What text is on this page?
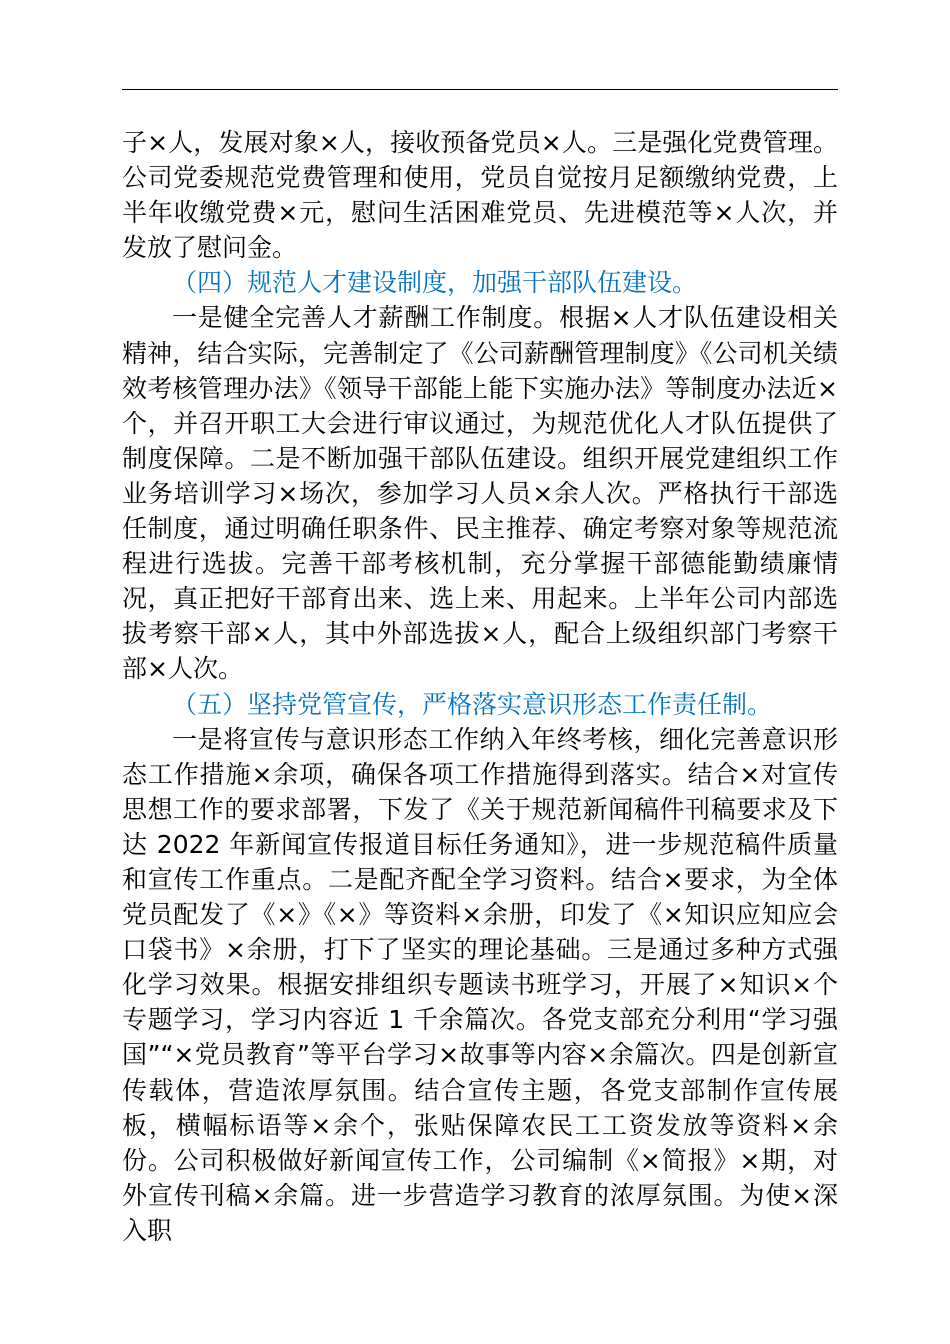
子×人，发展对象×人，接收预备党员×人。三是强化党费管理。公司党委规范党费管理和使用，党员自觉按月足额缴纳党费，上半年收缴党费×元，慰问生活困难党员、先进模范等×人次，并发放了慰问金。

（四）规范人才建设制度，加强干部队伍建设。

一是健全完善人才薪酬工作制度。根据×人才队伍建设相关精神，结合实际，完善制定了《公司薪酬管理制度》《公司机关绩效考核管理办法》《领导干部能上能下实施办法》等制度办法近×个，并召开职工大会进行审议通过，为规范优化人才队伍提供了制度保障。二是不断加强干部队伍建设。组织开展党建组织工作业务培训学习×场次，参加学习人员×余人次。严格执行干部选任制度，通过明确任职条件、民主推荐、确定考察对象等规范流程进行选拔。完善干部考核机制，充分掌握干部德能勤绩廉情况，真正把好干部育出来、选上来、用起来。上半年公司内部选拔考察干部×人，其中外部选拔×人，配合上级组织部门考察干部×人次。

（五）坚持党管宣传，严格落实意识形态工作责任制。

一是将宣传与意识形态工作纳入年终考核，细化完善意识形态工作措施×余项，确保各项工作措施得到落实。结合×对宣传思想工作的要求部署，下发了《关于规范新闻稿件刊稿要求及下达 2022 年新闻宣传报道目标任务通知》，进一步规范稿件质量和宣传工作重点。二是配齐配全学习资料。结合×要求，为全体党员配发了《×》《×》等资料×余册，印发了《×知识应知应会口袋书》×余册，打下了坚实的理论基础。三是通过多种方式强化学习效果。根据安排组织专题读书班学习，开展了×知识×个专题学习，学习内容近 1 千余篇次。各党支部充分利用“学习强国”“×党员教育”等平台学习×故事等内容×余篇次。四是创新宣传载体，营造浓厚氛围。结合宣传主题，各党支部制作宣传展板，横幅标语等×余个，张贴保障农民工工资发放等资料×余份。公司积极做好新闻宣传工作，公司编制《×简报》×期，对外宣传刊稿×余篇。进一步营造学习教育的浓厚氛围。为使×深入职
